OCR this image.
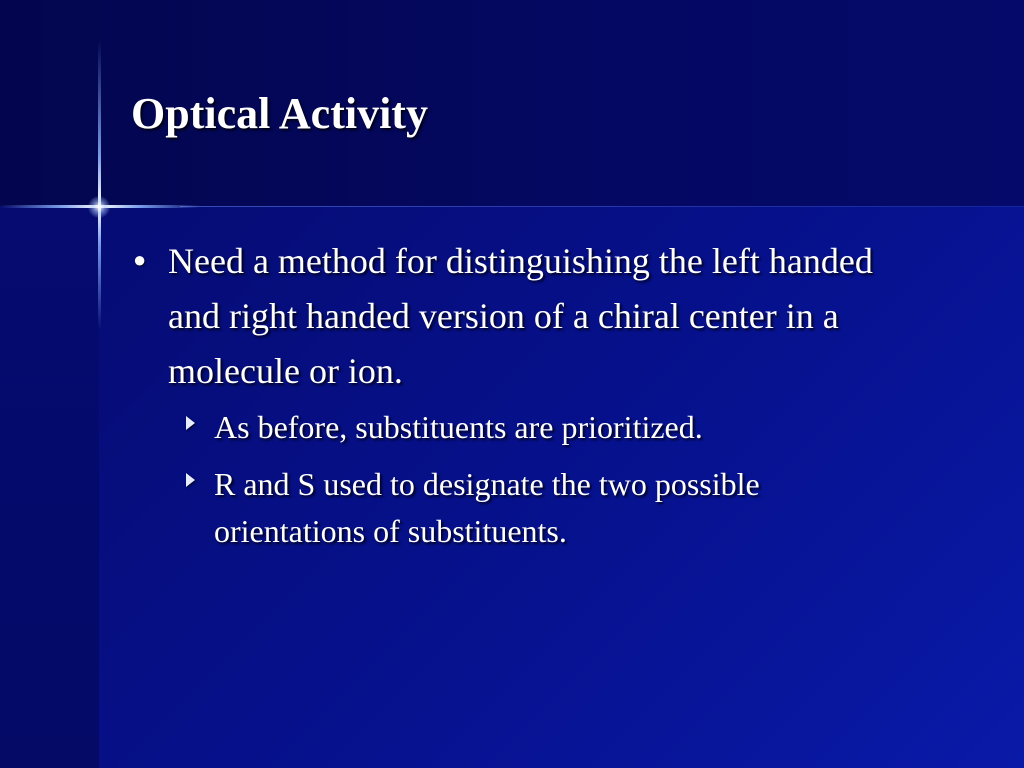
Optical Activity
● Need a method for distinguishing the left handed and right handed version of a chiral center in a molecule or ion.
As before, substituents are prioritized.
R and S used to designate the two possible orientations of substituents.
